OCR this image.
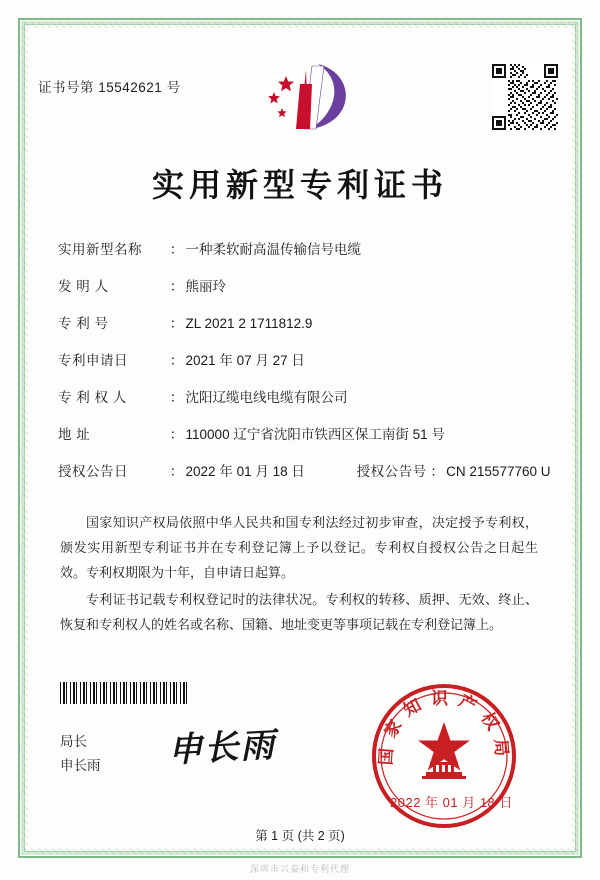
证书号第 15542621 号
实用新型专利证书
实用新型名称 ： 一种柔软耐高温传输信号电缆
发 明 人	： 熊丽玲
专 利 号	： ZL 2021 2 1711812.9
专利申请日	： 2021 年 07 月 27 日
专 利 权 人	： 沈阳辽缆电线电缆有限公司
地 址	： 110000 辽宁省沈阳市铁西区保工南街 51 号
授权公告日	： 2022 年 01 月 18 日	授权公告号 ： CN 215577760 U

国家知识产权局依照中华人民共和国专利法经过初步审查，决定授予专利权，颁发实用新型专利证书并在专利登记簿上予以登记。专利权自授权公告之日起生效。专利权期限为十年，自申请日起算。

专利证书记载专利权登记时的法律状况。专利权的转移、质押、无效、终止、恢复和专利权人的姓名或名称、国籍、地址变更等事项记载在专利登记簿上。

局长
申长雨 申长雨	国家知识产权局
2022 年 01 月 18 日
第 1 页 (共 2 页)
深圳市兴泰和专利代理
